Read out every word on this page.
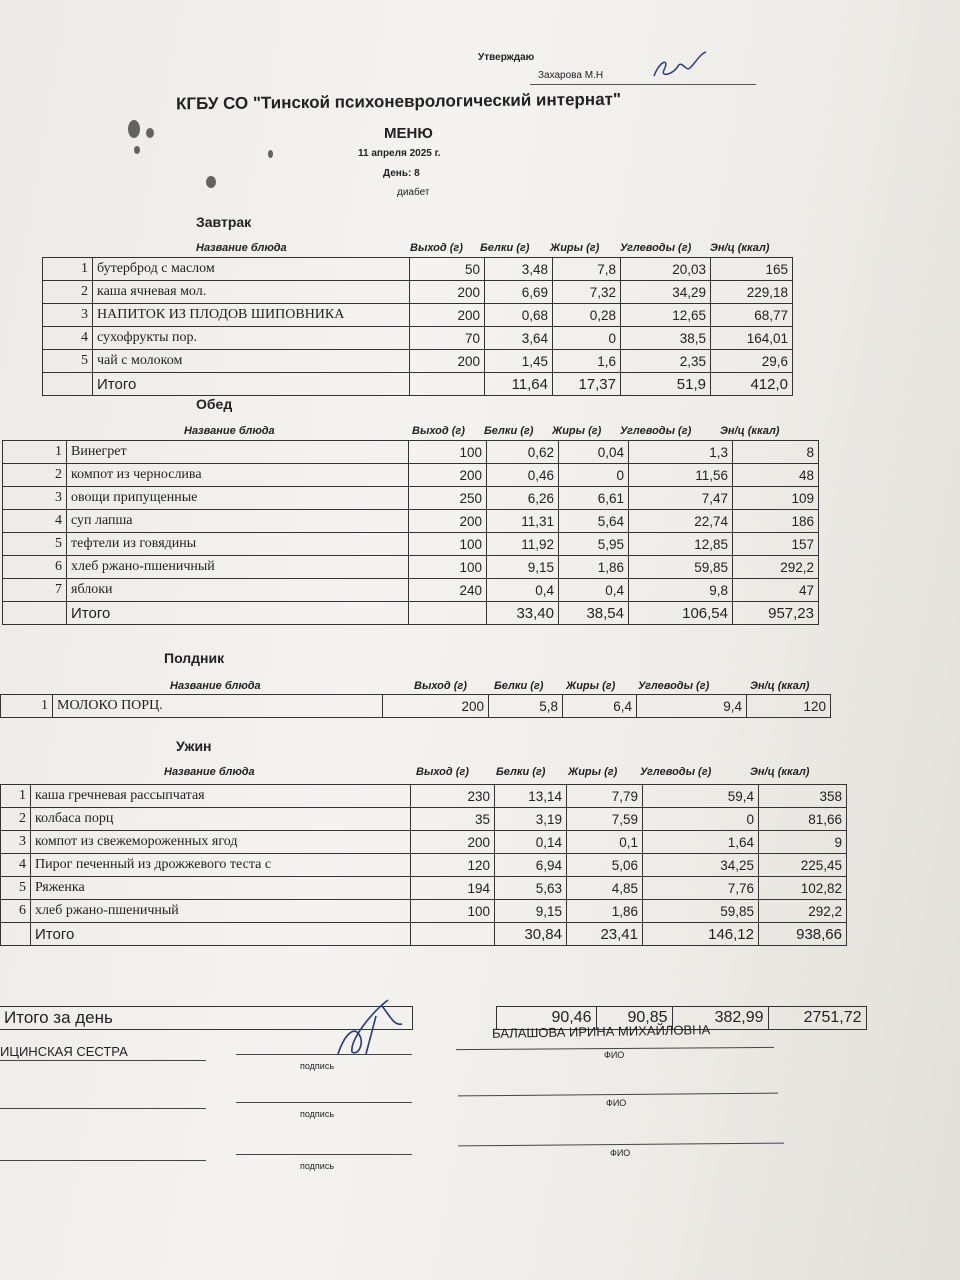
Утверждаю
Захарова М.Н
КГБУ СО "Тинской психоневрологический интернат"
МЕНЮ
11 апреля 2025 г.
День: 8
диабет
Завтрак
Название блюда	Выход (г)	Белки (г)	Жиры (г)	Углеводы (г)	Эн/ц (ккал)
1	бутерброд с маслом	50	3,48	7,8	20,03	165
2	каша ячневая мол.	200	6,69	7,32	34,29	229,18
3	НАПИТОК ИЗ ПЛОДОВ ШИПОВНИКА	200	0,68	0,28	12,65	68,77
4	сухофрукты пор.	70	3,64	0	38,5	164,01
5	чай с молоком	200	1,45	1,6	2,35	29,6
	Итого		11,64	17,37	51,9	412,0
Обед
Название блюда	Выход (г)	Белки (г)	Жиры (г)	Углеводы (г)	Эн/ц (ккал)
1	Винегрет	100	0,62	0,04	1,3	8
2	компот из чернослива	200	0,46	0	11,56	48
3	овощи припущенные	250	6,26	6,61	7,47	109
4	суп лапша	200	11,31	5,64	22,74	186
5	тефтели из говядины	100	11,92	5,95	12,85	157
6	хлеб ржано-пшеничный	100	9,15	1,86	59,85	292,2
7	яблоки	240	0,4	0,4	9,8	47
	Итого		33,40	38,54	106,54	957,23
Полдник
Название блюда	Выход (г)	Белки (г)	Жиры (г)	Углеводы (г)	Эн/ц (ккал)
1	МОЛОКО ПОРЦ.	200	5,8	6,4	9,4	120
Ужин
Название блюда	Выход (г)	Белки (г)	Жиры (г)	Углеводы (г)	Эн/ц (ккал)
1	каша гречневая рассыпчатая	230	13,14	7,79	59,4	358
2	колбаса порц	35	3,19	7,59	0	81,66
3	компот из свежемороженных ягод	200	0,14	0,1	1,64	9
4	Пирог печенный из дрожжевого теста с	120	6,94	5,06	34,25	225,45
5	Ряженка	194	5,63	4,85	7,76	102,82
6	хлеб ржано-пшеничный	100	9,15	1,86	59,85	292,2
	Итого		30,84	23,41	146,12	938,66
Итого за день		90,46	90,85	382,99	2751,72
ИЦИНСКАЯ СЕСТРА
БАЛАШОВА ИРИНА МИХАЙЛОВНА
подпись
ФИО
подпись
ФИО
подпись
ФИО
